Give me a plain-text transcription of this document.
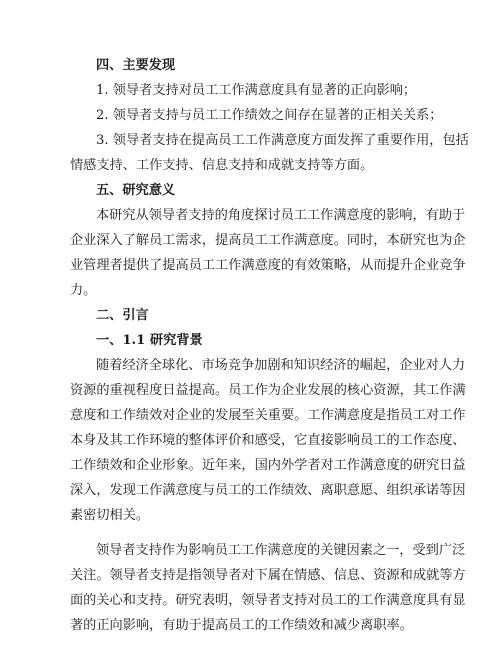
四、主要发现
1. 领导者支持对员工工作满意度具有显著的正向影响；
2. 领导者支持与员工工作绩效之间存在显著的正相关关系；
3. 领导者支持在提高员工工作满意度方面发挥了重要作用，包括
情感支持、工作支持、信息支持和成就支持等方面。
五、研究意义
本研究从领导者支持的角度探讨员工工作满意度的影响，有助于
企业深入了解员工需求，提高员工工作满意度。同时，本研究也为企
业管理者提供了提高员工工作满意度的有效策略，从而提升企业竞争
力。
二、引言
一、1.1 研究背景
随着经济全球化、市场竞争加剧和知识经济的崛起，企业对人力
资源的重视程度日益提高。员工作为企业发展的核心资源，其工作满
意度和工作绩效对企业的发展至关重要。工作满意度是指员工对工作
本身及其工作环境的整体评价和感受，它直接影响员工的工作态度、
工作绩效和企业形象。近年来，国内外学者对工作满意度的研究日益
深入，发现工作满意度与员工的工作绩效、离职意愿、组织承诺等因
素密切相关。
领导者支持作为影响员工工作满意度的关键因素之一，受到广泛
关注。领导者支持是指领导者对下属在情感、信息、资源和成就等方
面的关心和支持。研究表明，领导者支持对员工的工作满意度具有显
著的正向影响，有助于提高员工的工作绩效和减少离职率。
